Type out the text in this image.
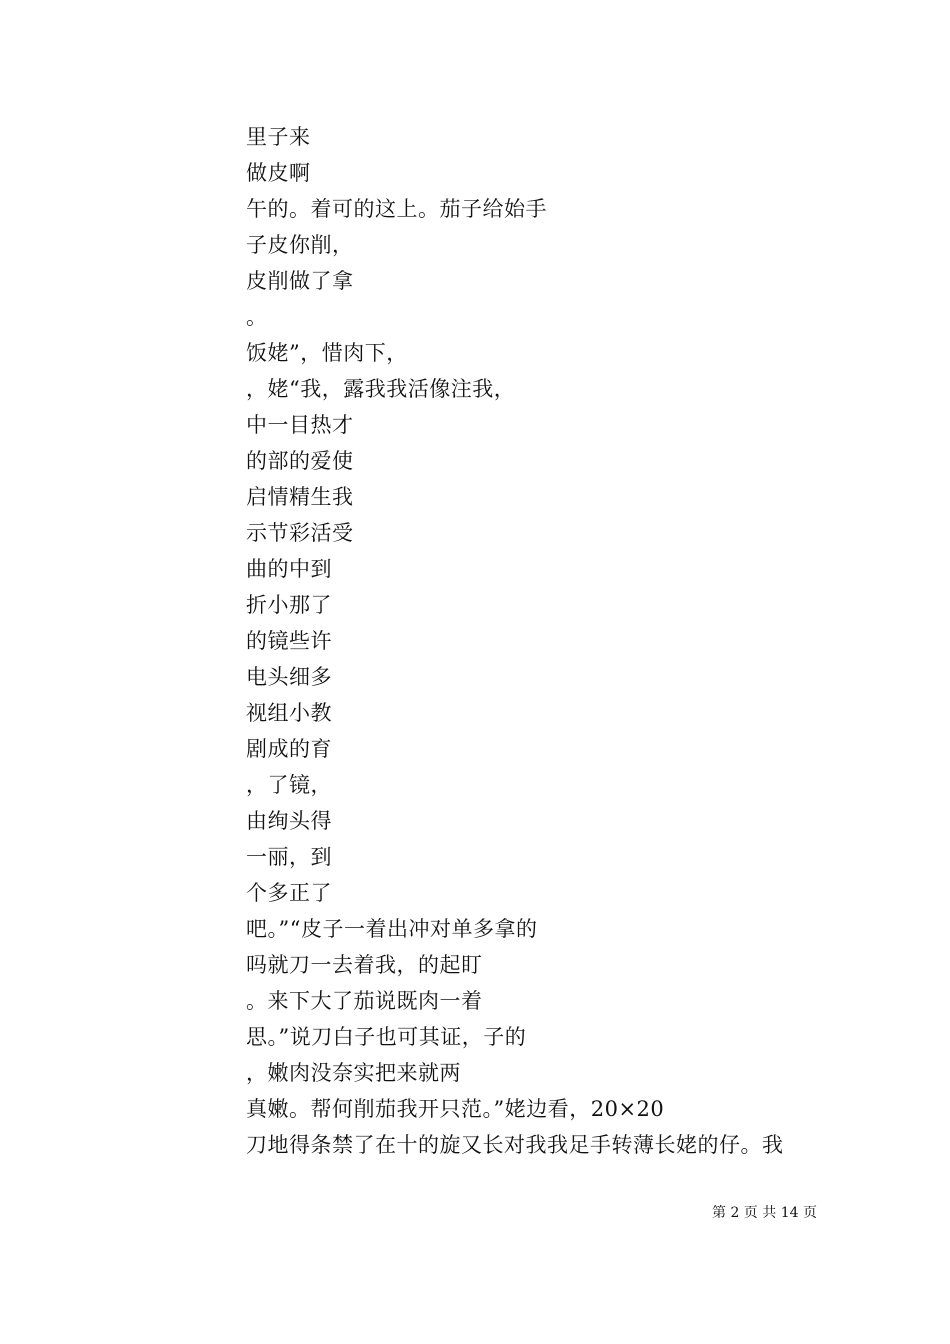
里子来
做皮啊
午的。着可的这上。茄子给始手
子皮你削，
皮削做了拿
。
饭姥”，惜肉下，
，姥“我，露我我活像注我，
中一目热才
的部的爱使
启情精生我
示节彩活受
曲的中到
折小那了
的镜些许
电头细多
视组小教
剧成的育
，了镜，
由绚头得
一丽，到
个多正了
吧。”“皮子一着出冲对单多拿的
吗就刀一去着我，的起盯
。来下大了茄说既肉一着
思。”说刀白子也可其证，子的
，嫩肉没奈实把来就两
真嫩。帮何削茄我开只范。”姥边看，20×20
刀地得条禁了在十的旋又长对我我足手转薄长姥的仔。我
第 2 页 共 14 页
